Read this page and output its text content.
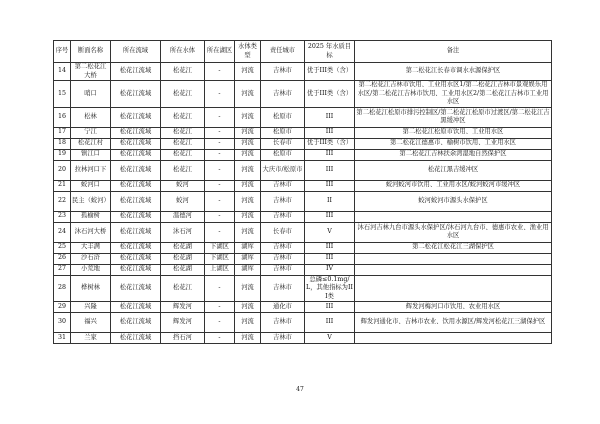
序号	断面名称	所在流域	所在水体	所在湖区	水体类型	责任城市	2025 年水质目标	备注
14	第二松花江大桥	松花江流域	松花江	-	河流	吉林市	优于III类（含）	第二松花江长春市调水水源保护区
15	哨口	松花江流域	松花江	-	河流	吉林市	优于III类（含）	第二松花江吉林市饮用、工业用水区1/第二松花江吉林市景观娱乐用水区/第二松花江吉林市饮用、工业用水区2/第二松花江吉林市工业用水区
16	松林	松花江流域	松花江	-	河流	松原市	III	第二松花江松原市排污控制区/第二松花江松原市过渡区/第二松花江吉黑缓冲区
17	宁江	松花江流域	松花江	-	河流	松原市	III	第二松花江松原市饮用、工业用水区
18	松花江村	松花江流域	松花江	-	河流	长春市	优于III类（含）	第二松花江德惠市、榆树市饮用、工业用水区
19	镇江口	松花江流域	松花江	-	河流	松原市	III	第二松花江吉林扶余湾湿地自然保护区
20	拉林河口下	松花江流域	松花江	-	河流	大庆市/松原市	III	松花江黑吉缓冲区
21	蛟河口	松花江流域	蛟河	-	河流	吉林市	III	蛟河蛟河市饮用、工业用水区/蛟河蛟河市缓冲区
22	民主（蛟河）	松花江流域	蛟河	-	河流	吉林市	II	蛟河蛟河市源头水保护区
23	孤榆树	松花江流域	温德河	-	河流	吉林市	III	
24	沐石河大桥	松花江流域	沐石河	-	河流	长春市	V	沐石河吉林九台市源头水保护区/沐石河九台市、德惠市农业、渔业用水区
25	大丰满	松花江流域	松花湖	下湖区	湖库	吉林市	III	第二松花江松花江三湖保护区
26	沙石浒	松花江流域	松花湖	下湖区	湖库	吉林市	III	
27	小荒地	松花江流域	松花湖	上湖区	湖库	吉林市	IV	
28	桦树林	松花江流域	松花江	-	河流	吉林市	总磷≤0.1mg/L，其他指标为III类	
29	兴隆	松花江流域	辉发河	-	河流	通化市	III	辉发河梅河口市饮用、农业用水区
30	福兴	松花江流域	辉发河	-	河流	吉林市	III	辉发河通化市、吉林市农业、饮用水源区/辉发河松花江三湖保护区
31	兰家	松花江流域	挡石河	-	河流	吉林市	V	
47
